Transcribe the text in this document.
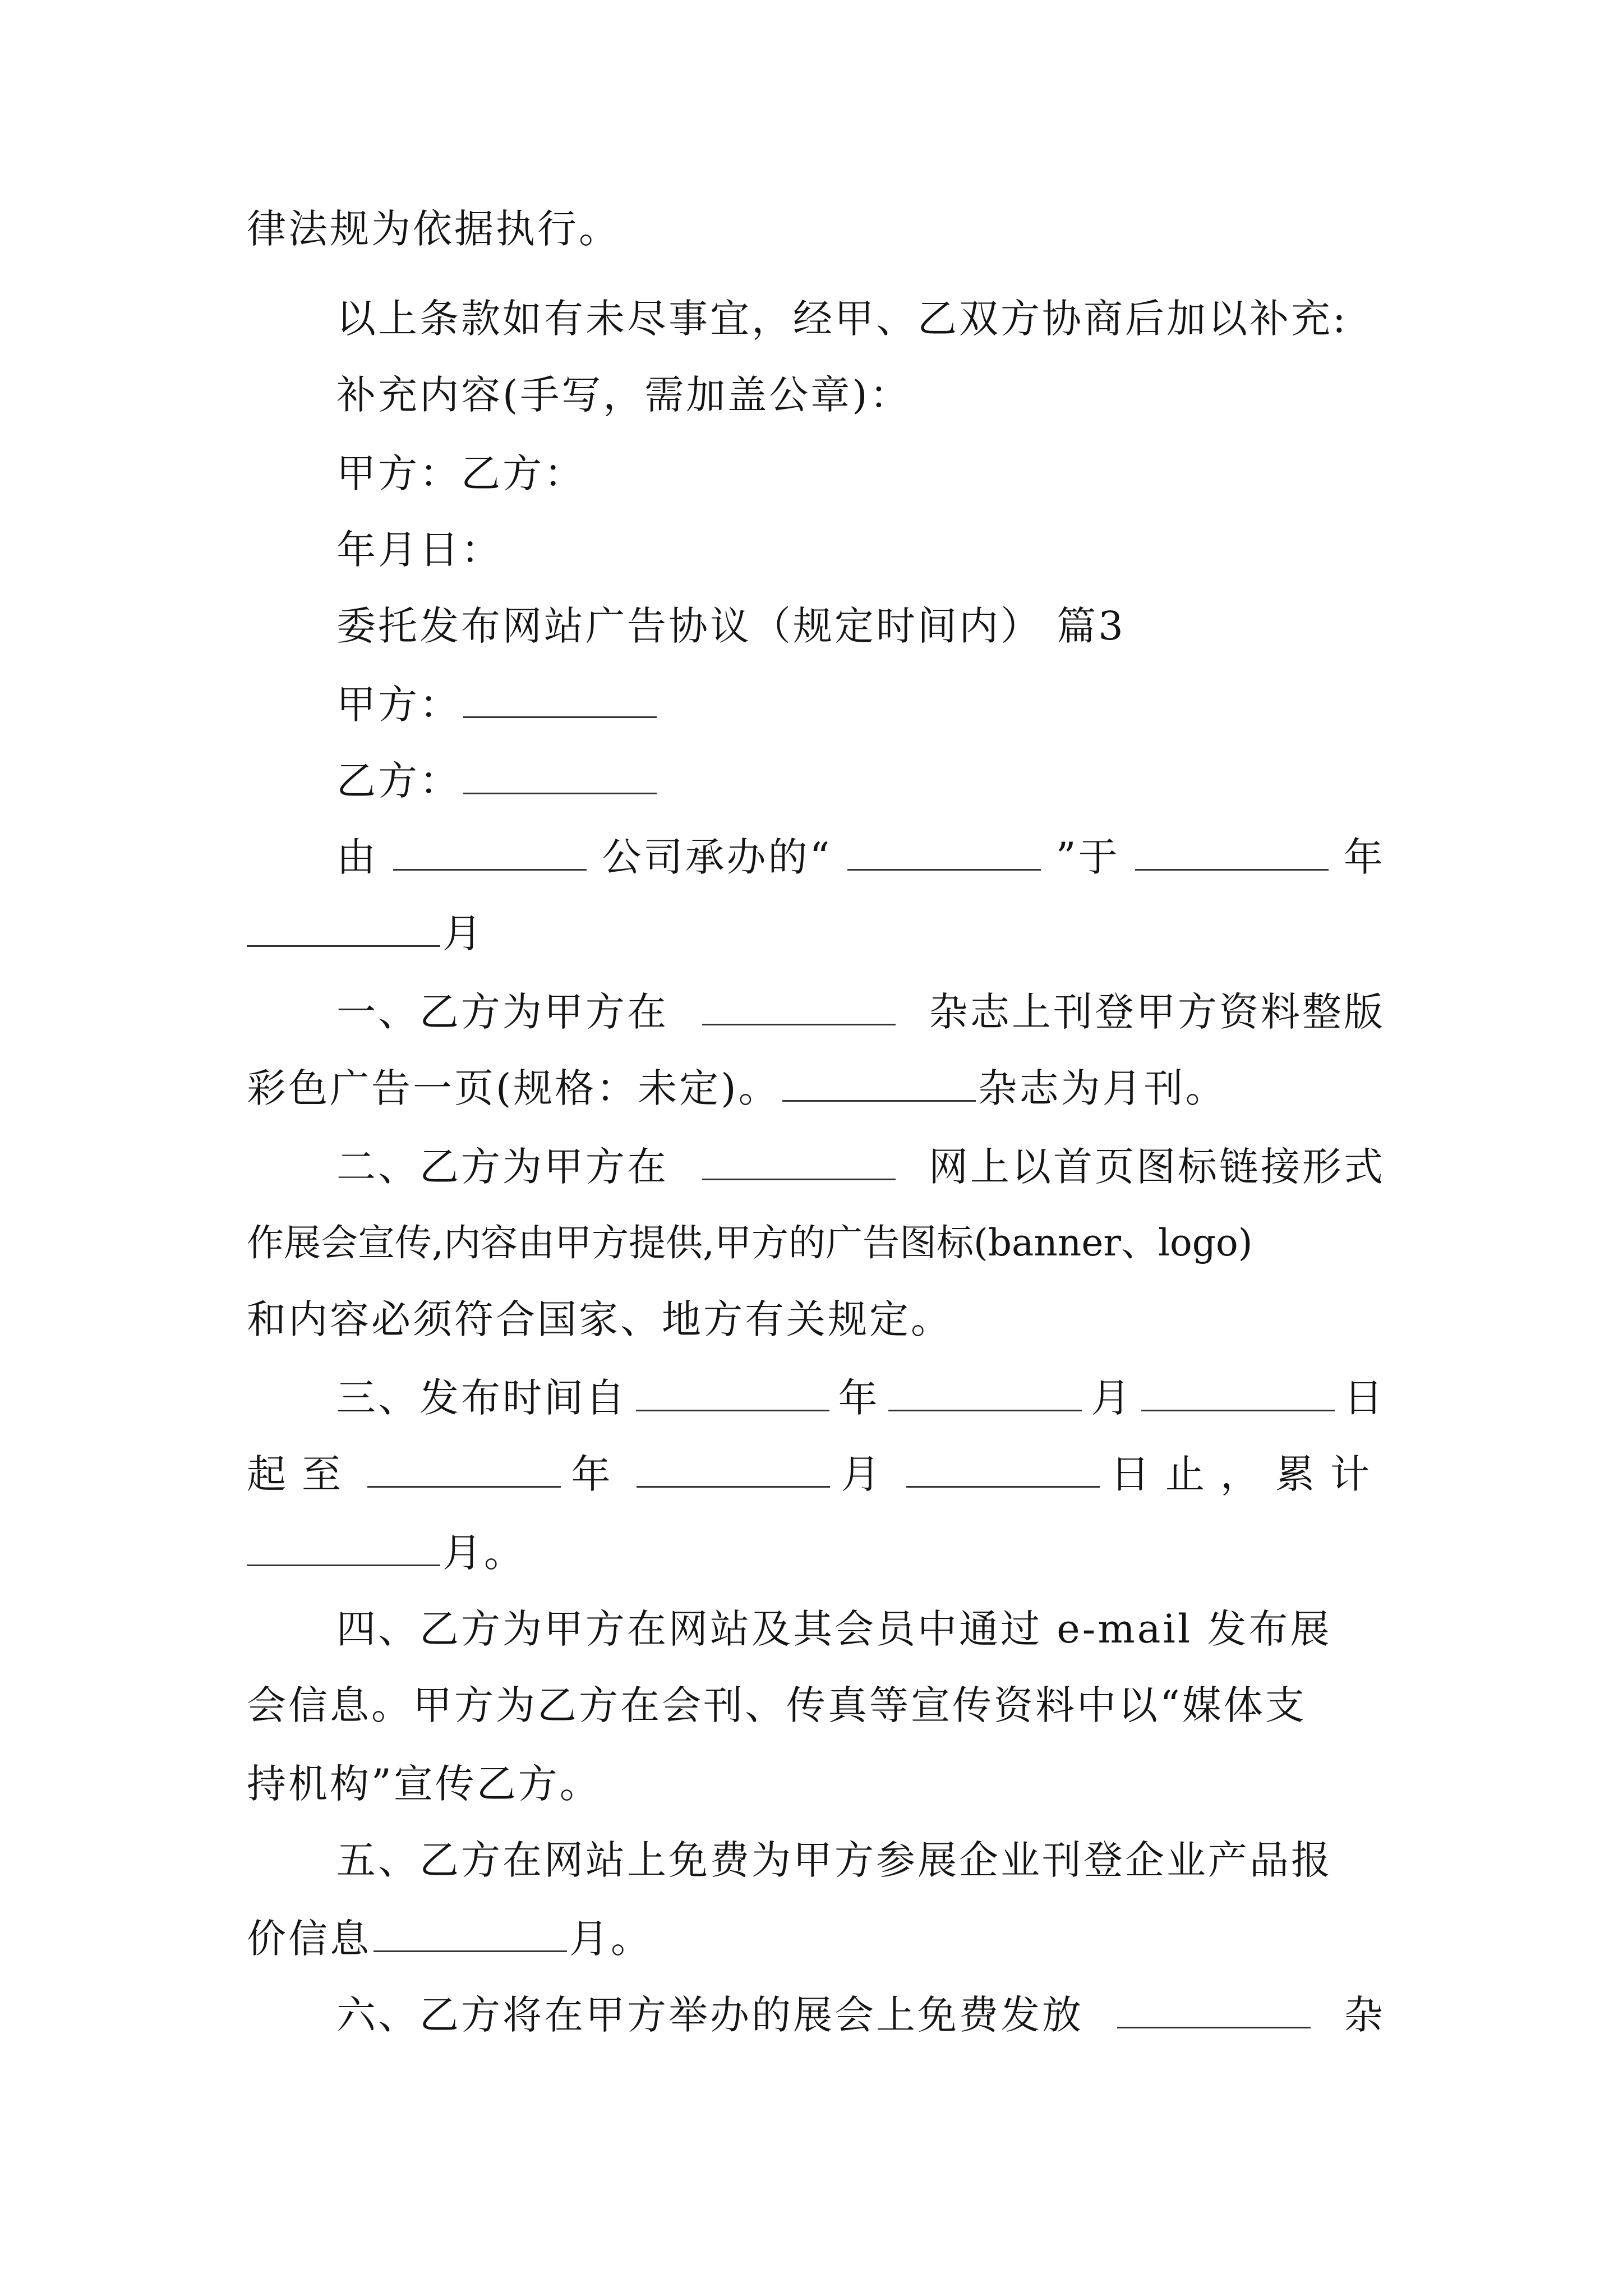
律法规为依据执行。
以上条款如有未尽事宜，经甲、乙双方协商后加以补充:
补充内容(手写，需加盖公章)：
甲方：乙方：
年月日：
委托发布网站广告协议（规定时间内） 篇3
甲方：
乙方：
由	公司承办的“	”于	年
月
一、乙方为甲方在	杂志上刊登甲方资料整版
彩色广告一页(规格：未定)。	杂志为月刊。
二、乙方为甲方在	网上以首页图标链接形式
作展会宣传,内容由甲方提供,甲方的广告图标(banner、logo)
和内容必须符合国家、地方有关规定。
三、发布时间自	年	月	日
起至	年	月	日止，累计
月。
四、乙方为甲方在网站及其会员中通过 e-mail 发布展
会信息。甲方为乙方在会刊、传真等宣传资料中以“媒体支
持机构”宣传乙方。
五、乙方在网站上免费为甲方参展企业刊登企业产品报
价信息	月。
六、乙方将在甲方举办的展会上免费发放	杂
